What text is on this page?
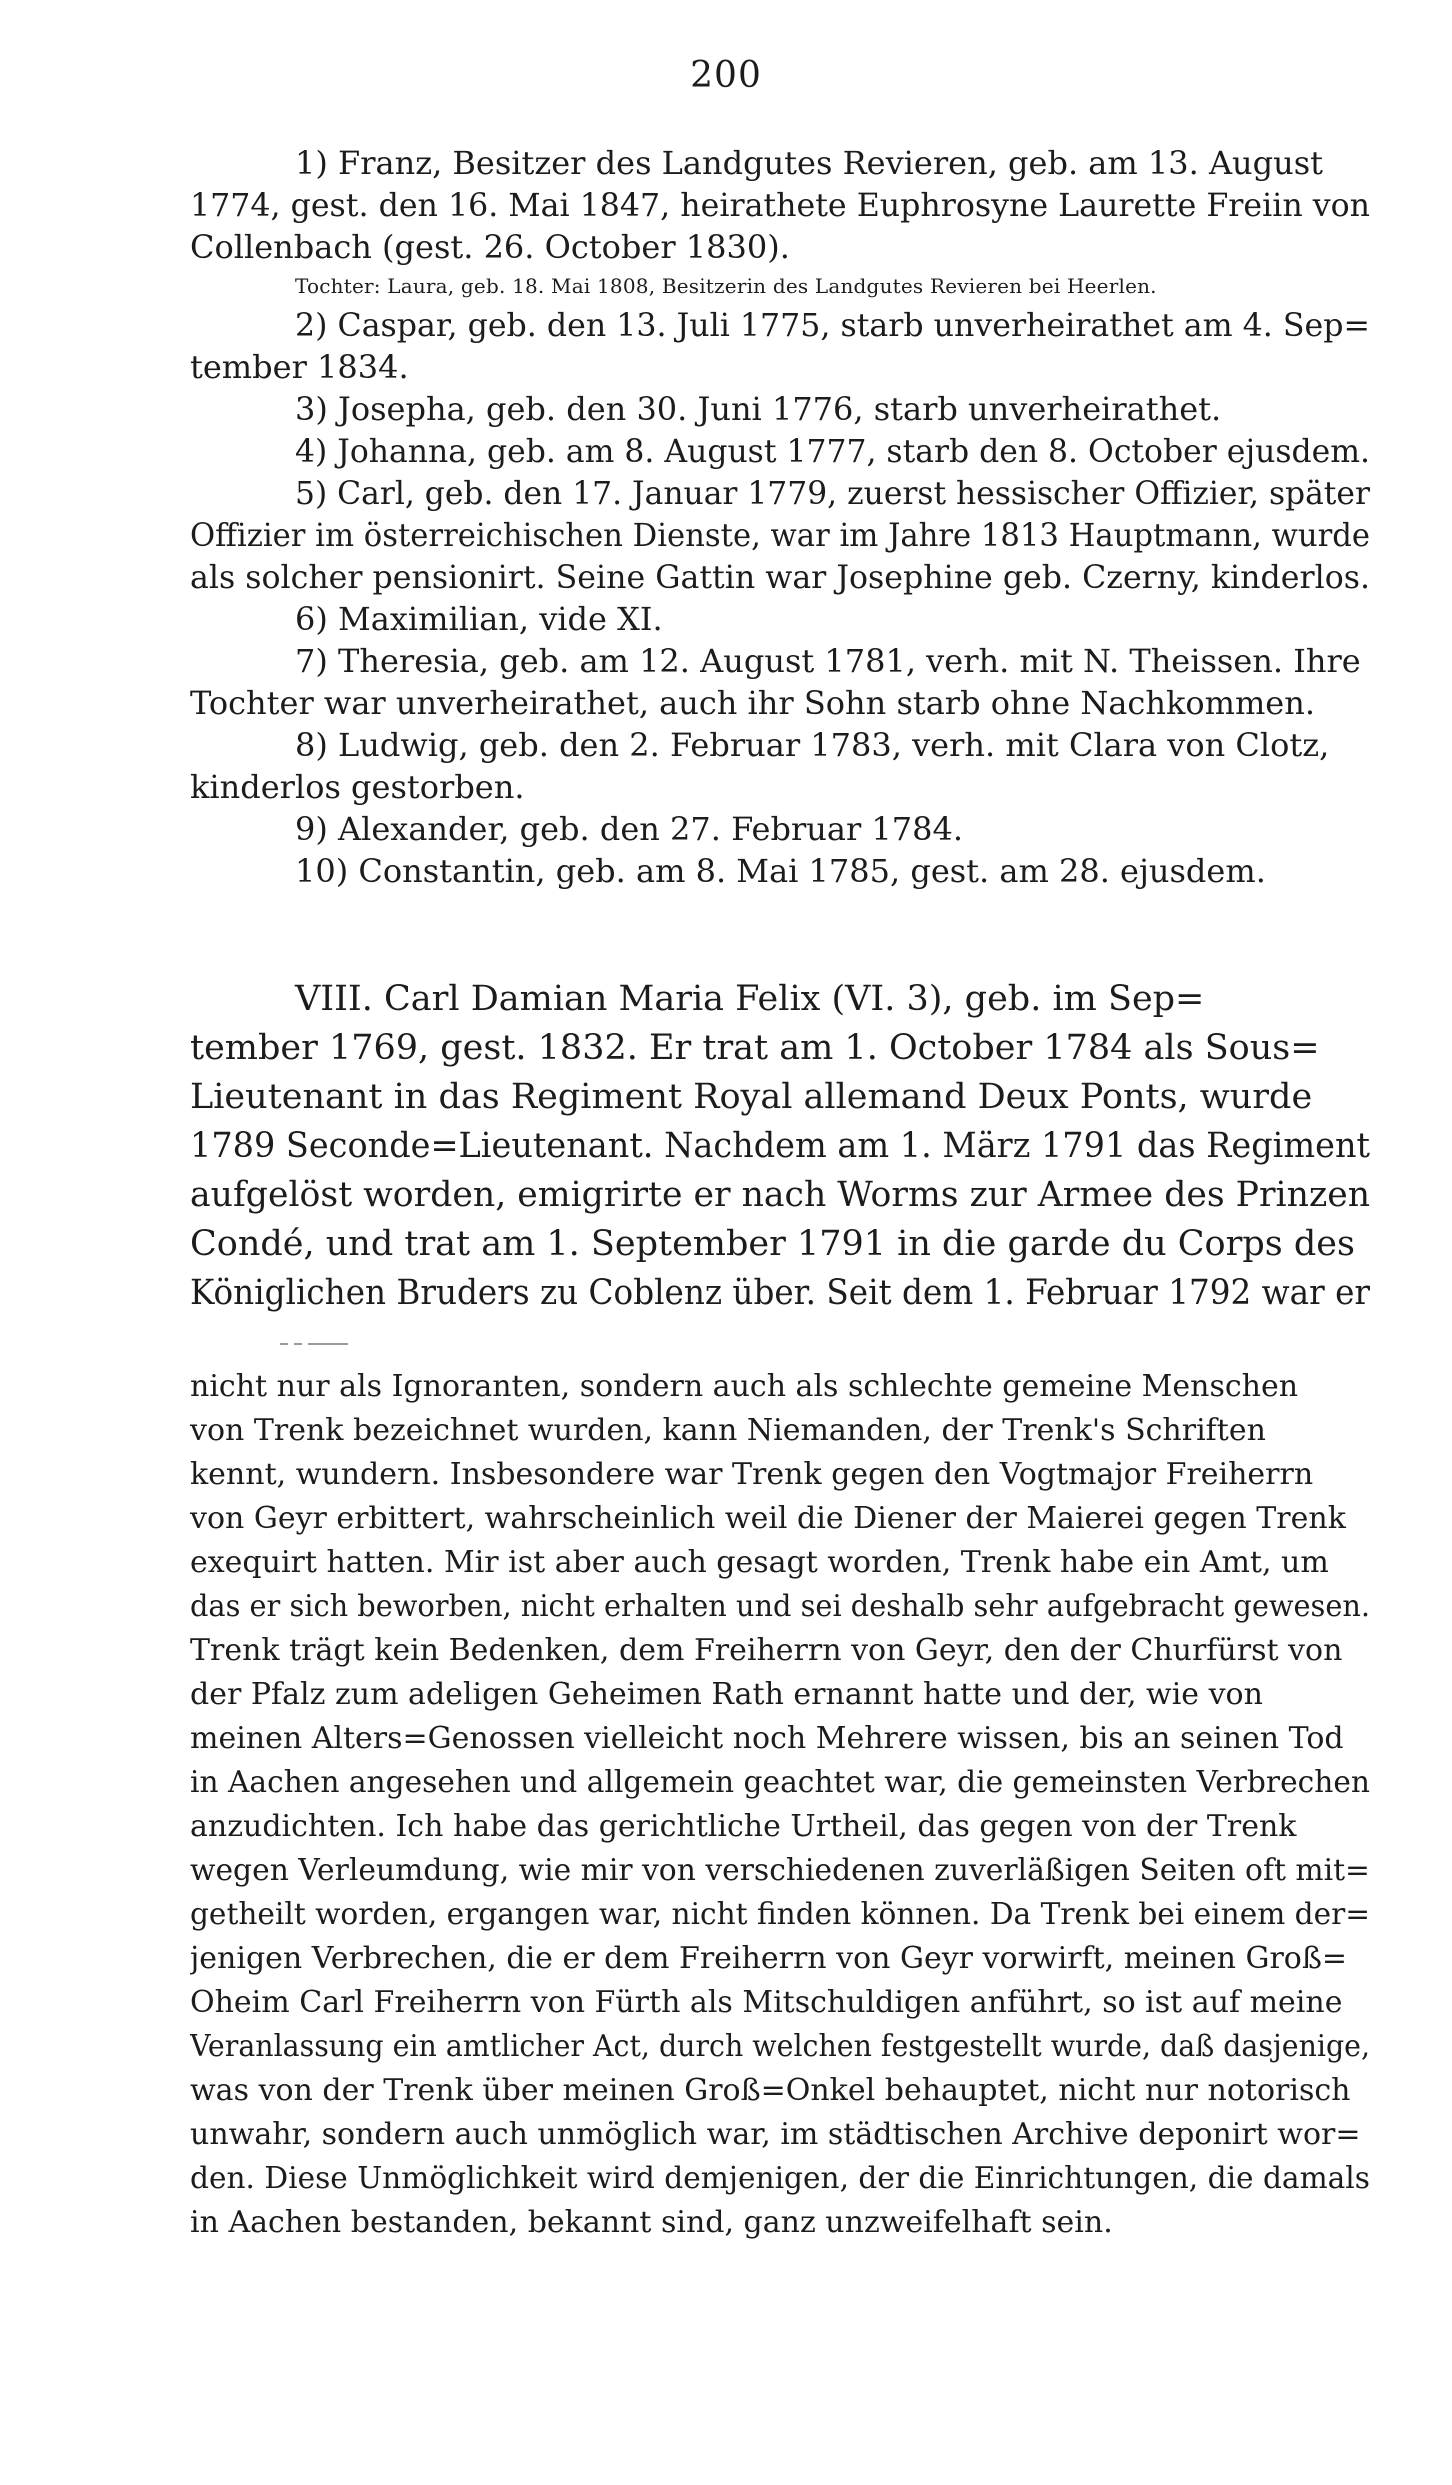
200
1) Franz, Besitzer des Landgutes Revieren, geb. am 13. August
1774, gest. den 16. Mai 1847, heirathete Euphrosyne Laurette Freiin von
Collenbach (gest. 26. October 1830).
Tochter: Laura, geb. 18. Mai 1808, Besitzerin des Landgutes Revieren bei Heerlen.
2) Caspar, geb. den 13. Juli 1775, starb unverheirathet am 4. Sep=
tember 1834.
3) Josepha, geb. den 30. Juni 1776, starb unverheirathet.
4) Johanna, geb. am 8. August 1777, starb den 8. October ejusdem.
5) Carl, geb. den 17. Januar 1779, zuerst hessischer Offizier, später
Offizier im österreichischen Dienste, war im Jahre 1813 Hauptmann, wurde
als solcher pensionirt. Seine Gattin war Josephine geb. Czerny, kinderlos.
6) Maximilian, vide XI.
7) Theresia, geb. am 12. August 1781, verh. mit N. Theissen. Ihre
Tochter war unverheirathet, auch ihr Sohn starb ohne Nachkommen.
8) Ludwig, geb. den 2. Februar 1783, verh. mit Clara von Clotz,
kinderlos gestorben.
9) Alexander, geb. den 27. Februar 1784.
10) Constantin, geb. am 8. Mai 1785, gest. am 28. ejusdem.
VIII. Carl Damian Maria Felix (VI. 3), geb. im Sep=
tember 1769, gest. 1832. Er trat am 1. October 1784 als Sous=
Lieutenant in das Regiment Royal allemand Deux Ponts, wurde
1789 Seconde=Lieutenant. Nachdem am 1. März 1791 das Regiment
aufgelöst worden, emigrirte er nach Worms zur Armee des Prinzen
Condé, und trat am 1. September 1791 in die garde du Corps des
Königlichen Bruders zu Coblenz über. Seit dem 1. Februar 1792 war er
nicht nur als Ignoranten, sondern auch als schlechte gemeine Menschen
von Trenk bezeichnet wurden, kann Niemanden, der Trenk's Schriften
kennt, wundern. Insbesondere war Trenk gegen den Vogtmajor Freiherrn
von Geyr erbittert, wahrscheinlich weil die Diener der Maierei gegen Trenk
exequirt hatten. Mir ist aber auch gesagt worden, Trenk habe ein Amt, um
das er sich beworben, nicht erhalten und sei deshalb sehr aufgebracht gewesen.
Trenk trägt kein Bedenken, dem Freiherrn von Geyr, den der Churfürst von
der Pfalz zum adeligen Geheimen Rath ernannt hatte und der, wie von
meinen Alters=Genossen vielleicht noch Mehrere wissen, bis an seinen Tod
in Aachen angesehen und allgemein geachtet war, die gemeinsten Verbrechen
anzudichten. Ich habe das gerichtliche Urtheil, das gegen von der Trenk
wegen Verleumdung, wie mir von verschiedenen zuverläßigen Seiten oft mit=
getheilt worden, ergangen war, nicht finden können. Da Trenk bei einem der=
jenigen Verbrechen, die er dem Freiherrn von Geyr vorwirft, meinen Groß=
Oheim Carl Freiherrn von Fürth als Mitschuldigen anführt, so ist auf meine
Veranlassung ein amtlicher Act, durch welchen festgestellt wurde, daß dasjenige,
was von der Trenk über meinen Groß=Onkel behauptet, nicht nur notorisch
unwahr, sondern auch unmöglich war, im städtischen Archive deponirt wor=
den. Diese Unmöglichkeit wird demjenigen, der die Einrichtungen, die damals
in Aachen bestanden, bekannt sind, ganz unzweifelhaft sein.
